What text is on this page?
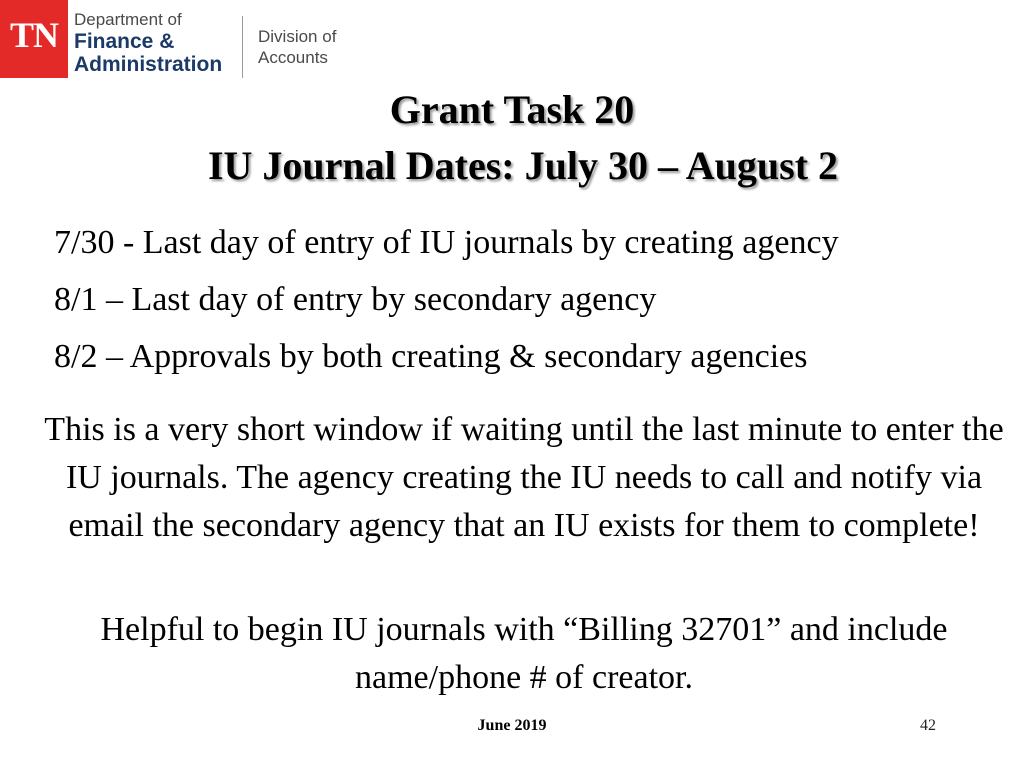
TN Department of
Finance &
Administration
Division of
Accounts
Grant Task 20
IU Journal Dates: July 30 – August 2
7/30 - Last day of entry of IU journals by creating agency
8/1 – Last day of entry by secondary agency
8/2 – Approvals by both creating & secondary agencies
This is a very short window if waiting until the last minute to enter the IU journals. The agency creating the IU needs to call and notify via email the secondary agency that an IU exists for them to complete!
Helpful to begin IU journals with “Billing 32701” and include name/phone # of creator.
June 2019	42
